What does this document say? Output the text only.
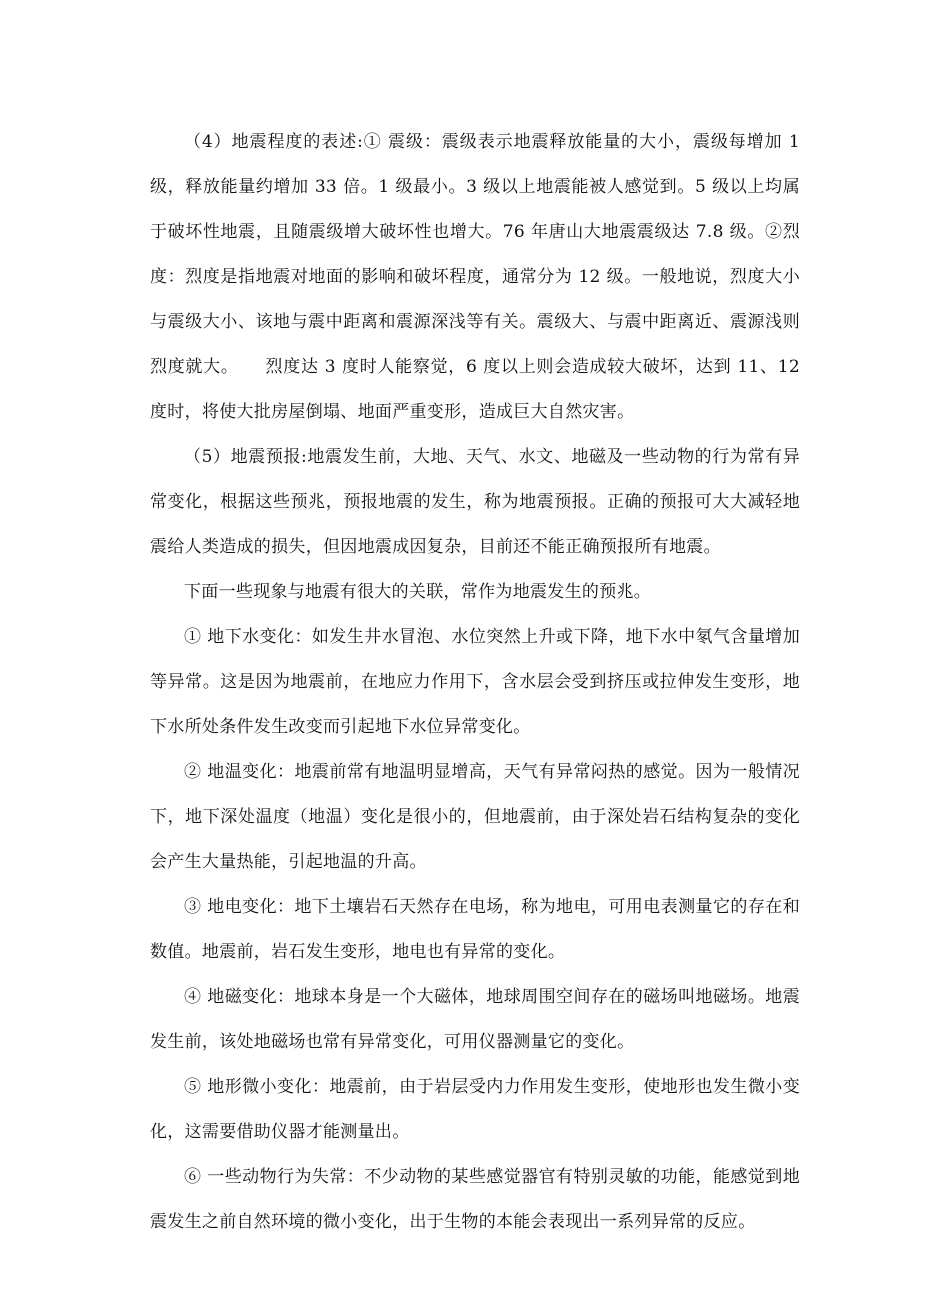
（4）地震程度的表述:① 震级：震级表示地震释放能量的大小，震级每增加 1 级，释放能量约增加 33 倍。1 级最小。3 级以上地震能被人感觉到。5 级以上均属于破坏性地震，且随震级增大破坏性也增大。76 年唐山大地震震级达 7.8 级。②烈度：烈度是指地震对地面的影响和破坏程度，通常分为 12 级。一般地说，烈度大小与震级大小、该地与震中距离和震源深浅等有关。震级大、与震中距离近、震源浅则烈度就大。　　烈度达 3 度时人能察觉，6 度以上则会造成较大破坏，达到 11、12 度时，将使大批房屋倒塌、地面严重变形，造成巨大自然灾害。

（5）地震预报:地震发生前，大地、天气、水文、地磁及一些动物的行为常有异常变化，根据这些预兆，预报地震的发生，称为地震预报。正确的预报可大大减轻地震给人类造成的损失，但因地震成因复杂，目前还不能正确预报所有地震。

下面一些现象与地震有很大的关联，常作为地震发生的预兆。

① 地下水变化：如发生井水冒泡、水位突然上升或下降，地下水中氡气含量增加等异常。这是因为地震前，在地应力作用下，含水层会受到挤压或拉伸发生变形，地下水所处条件发生改变而引起地下水位异常变化。

② 地温变化：地震前常有地温明显增高，天气有异常闷热的感觉。因为一般情况下，地下深处温度（地温）变化是很小的，但地震前，由于深处岩石结构复杂的变化会产生大量热能，引起地温的升高。

③ 地电变化：地下土壤岩石天然存在电场，称为地电，可用电表测量它的存在和数值。地震前，岩石发生变形，地电也有异常的变化。

④ 地磁变化：地球本身是一个大磁体，地球周围空间存在的磁场叫地磁场。地震发生前，该处地磁场也常有异常变化，可用仪器测量它的变化。

⑤ 地形微小变化：地震前，由于岩层受内力作用发生变形，使地形也发生微小变化，这需要借助仪器才能测量出。

⑥ 一些动物行为失常：不少动物的某些感觉器官有特别灵敏的功能，能感觉到地震发生之前自然环境的微小变化，出于生物的本能会表现出一系列异常的反应。
